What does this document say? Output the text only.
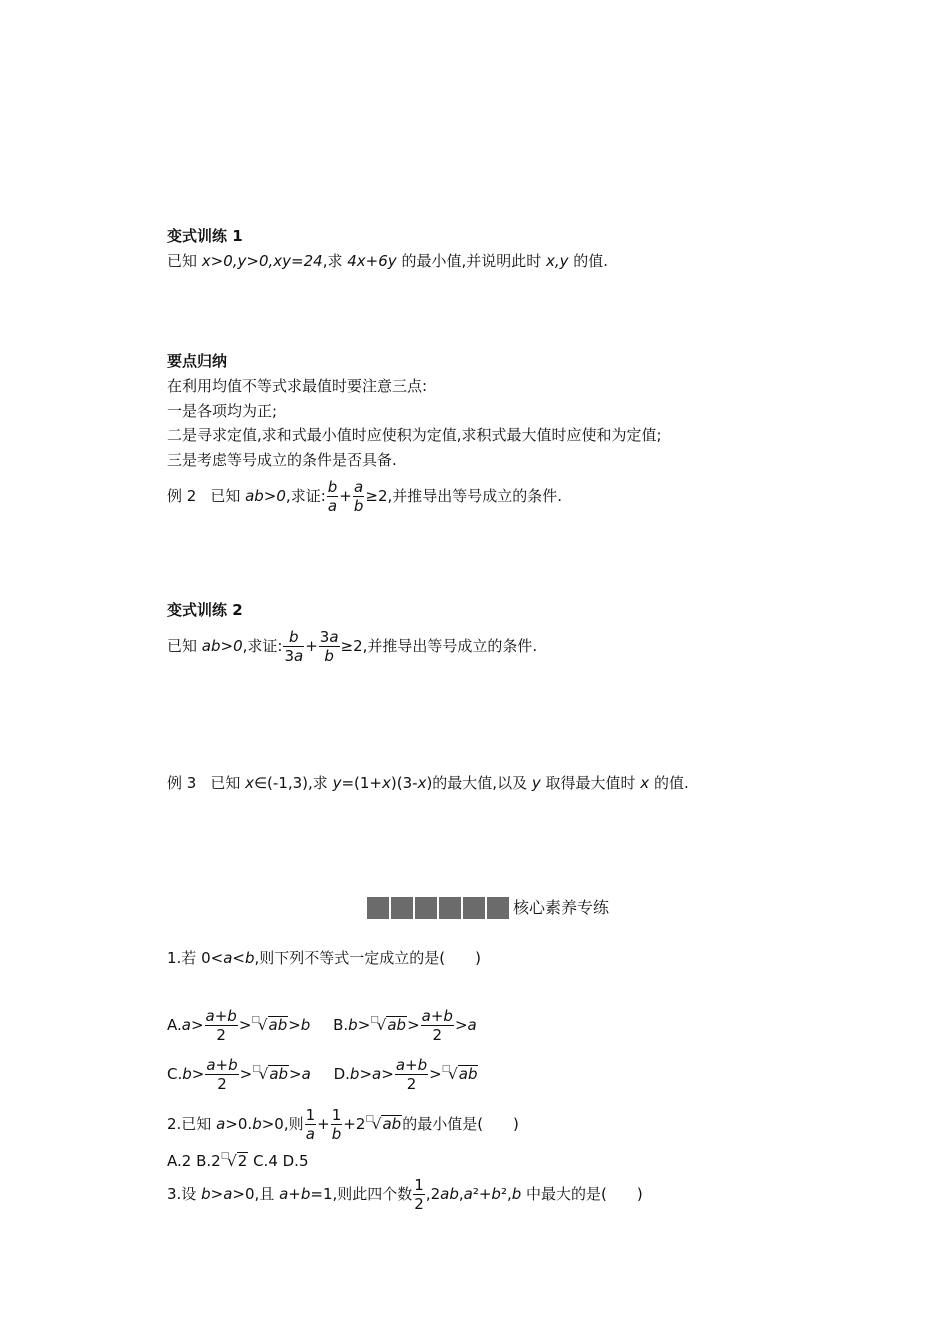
变式训练 1
已知 x>0,y>0,xy=24,求 4x+6y 的最小值,并说明此时 x,y 的值.
要点归纳
在利用均值不等式求最值时要注意三点:
一是各项均为正;
二是寻求定值,求和式最小值时应使积为定值,求积式最大值时应使和为定值;
三是考虑等号成立的条件是否具备.
例 2 已知 ab>0,求证: $\frac{b}{a} + \frac{a}{b} \ge 2$,并推导出等号成立的条件.
变式训练 2
已知 ab>0,求证: $\frac{b}{3a} + \frac{3a}{b} \ge 2$,并推导出等号成立的条件.
例 3 已知 x∈(-1,3),求 y=(1+x)(3-x)的最大值,以及 y 取得最大值时 x 的值.
核心素养专练
1.若 0<a<b,则下列不等式一定成立的是(　　)
$A.a> \frac{a+b}{2} >^□√ab>b$ $B.b>^□√ab> \frac{a+b}{2} >a$
$C.b> \frac{a+b}{2} >^□√ab>a$ $D.b>a> \frac{a+b}{2} >^□√ab$
2.已知 a>0.b>0,则 $\frac{1}{a} + \frac{1}{b} +2^□√ab$的最小值是(　　)
A.2 B.2□√2 C.4 D.5
3.设 b>a>0,且 a+b=1,则此四个数 $\frac{1}{2} ,2ab,a^2+b^2,b$ 中最大的是(　　)
